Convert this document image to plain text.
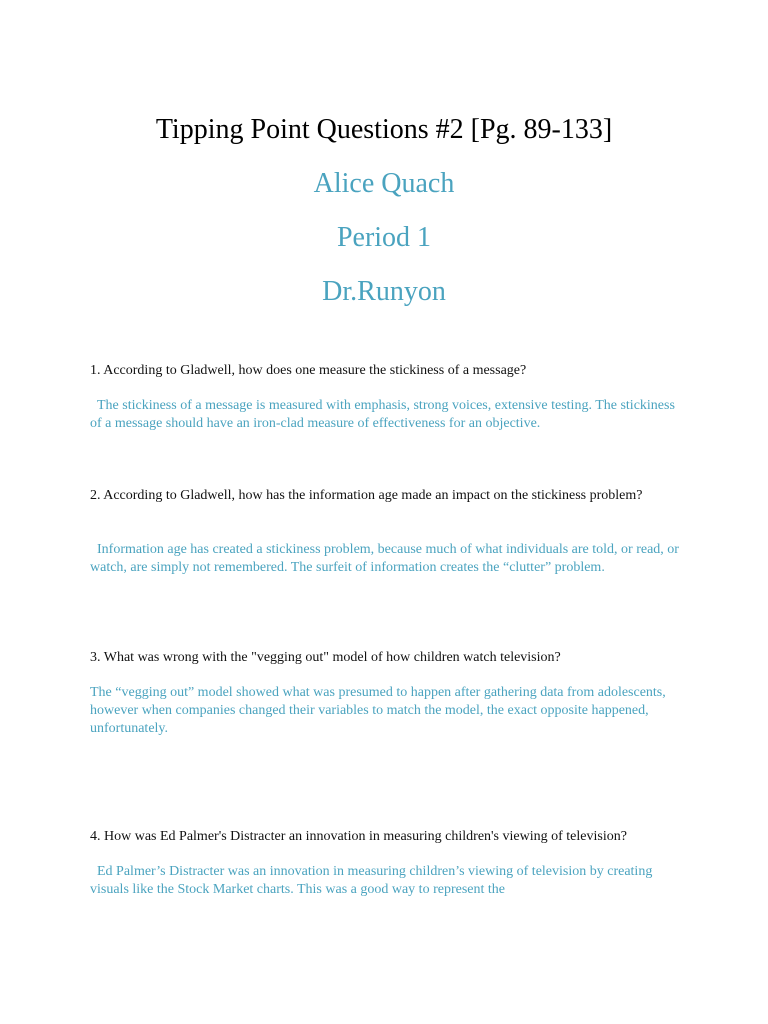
Tipping Point Questions #2 [Pg. 89-133]
Alice Quach
Period 1
Dr.Runyon
1. According to Gladwell, how does one measure the stickiness of a message?
The stickiness of a message is measured with emphasis, strong voices, extensive testing. The stickiness of a message should have an iron-clad measure of effectiveness for an objective.
2. According to Gladwell, how has the information age made an impact on the stickiness problem?
Information age has created a stickiness problem, because much of what individuals are told, or read, or watch, are simply not remembered. The surfeit of information creates the “clutter” problem.
3. What was wrong with the "vegging out" model of how children watch television?
The “vegging out” model showed what was presumed to happen after gathering data from adolescents, however when companies changed their variables to match the model, the exact opposite happened, unfortunately.
4. How was Ed Palmer's Distracter an innovation in measuring children's viewing of television?
Ed Palmer’s Distracter was an innovation in measuring children’s viewing of television by creating visuals like the Stock Market charts. This was a good way to represent the
